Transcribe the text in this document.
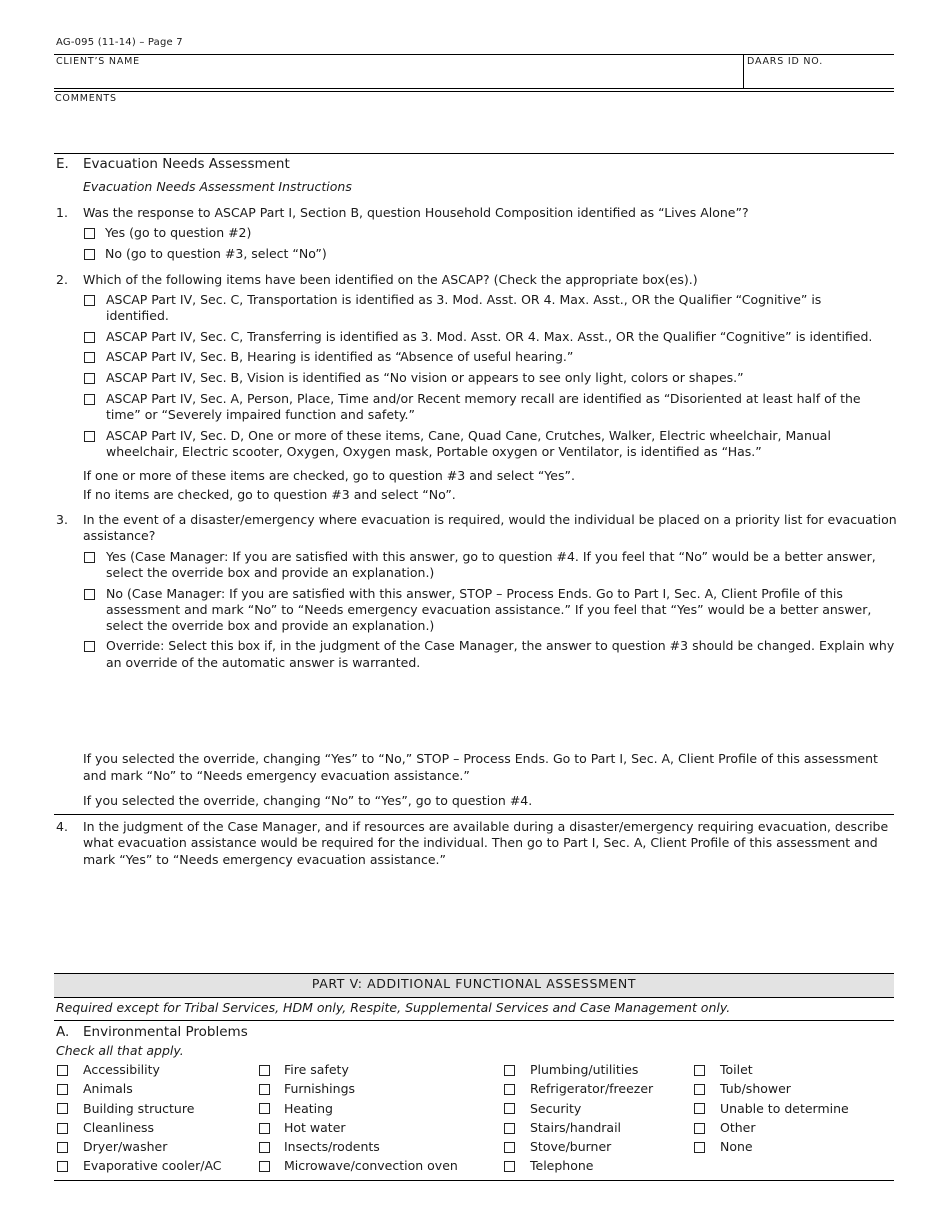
AG-095 (11-14) – Page 7
CLIENT’S NAME	DAARS ID NO.
COMMENTS
E. Evacuation Needs Assessment
Evacuation Needs Assessment Instructions
1. Was the response to ASCAP Part I, Section B, question Household Composition identified as “Lives Alone”?
Yes (go to question #2)
No (go to question #3, select “No”)
2. Which of the following items have been identified on the ASCAP? (Check the appropriate box(es).)
ASCAP Part IV, Sec. C, Transportation is identified as 3. Mod. Asst. OR 4. Max. Asst., OR the Qualifier “Cognitive” is
identified.
ASCAP Part IV, Sec. C, Transferring is identified as 3. Mod. Asst. OR 4. Max. Asst., OR the Qualifier “Cognitive” is identified.
ASCAP Part IV, Sec. B, Hearing is identified as “Absence of useful hearing.”
ASCAP Part IV, Sec. B, Vision is identified as “No vision or appears to see only light, colors or shapes.”
ASCAP Part IV, Sec. A, Person, Place, Time and/or Recent memory recall are identified as “Disoriented at least half of the
time” or “Severely impaired function and safety.”
ASCAP Part IV, Sec. D, One or more of these items, Cane, Quad Cane, Crutches, Walker, Electric wheelchair, Manual
wheelchair, Electric scooter, Oxygen, Oxygen mask, Portable oxygen or Ventilator, is identified as “Has.”
If one or more of these items are checked, go to question #3 and select “Yes”.
If no items are checked, go to question #3 and select “No”.
3. In the event of a disaster/emergency where evacuation is required, would the individual be placed on a priority list for evacuation
assistance?
Yes (Case Manager: If you are satisfied with this answer, go to question #4. If you feel that “No” would be a better answer,
select the override box and provide an explanation.)
No (Case Manager: If you are satisfied with this answer, STOP – Process Ends. Go to Part I, Sec. A, Client Profile of this
assessment and mark “No” to “Needs emergency evacuation assistance.” If you feel that “Yes” would be a better answer,
select the override box and provide an explanation.)
Override: Select this box if, in the judgment of the Case Manager, the answer to question #3 should be changed. Explain why
an override of the automatic answer is warranted.
If you selected the override, changing “Yes” to “No,” STOP – Process Ends. Go to Part I, Sec. A, Client Profile of this assessment
and mark “No” to “Needs emergency evacuation assistance.”
If you selected the override, changing “No” to “Yes”, go to question #4.
4. In the judgment of the Case Manager, and if resources are available during a disaster/emergency requiring evacuation, describe
what evacuation assistance would be required for the individual. Then go to Part I, Sec. A, Client Profile of this assessment and
mark “Yes” to “Needs emergency evacuation assistance.”
PART V: ADDITIONAL FUNCTIONAL ASSESSMENT
Required except for Tribal Services, HDM only, Respite, Supplemental Services and Case Management only.
A. Environmental Problems
Check all that apply.
Accessibility
Animals
Building structure
Cleanliness
Dryer/washer
Evaporative cooler/AC
Fire safety
Furnishings
Heating
Hot water
Insects/rodents
Microwave/convection oven
Plumbing/utilities
Refrigerator/freezer
Security
Stairs/handrail
Stove/burner
Telephone
Toilet
Tub/shower
Unable to determine
Other
None
